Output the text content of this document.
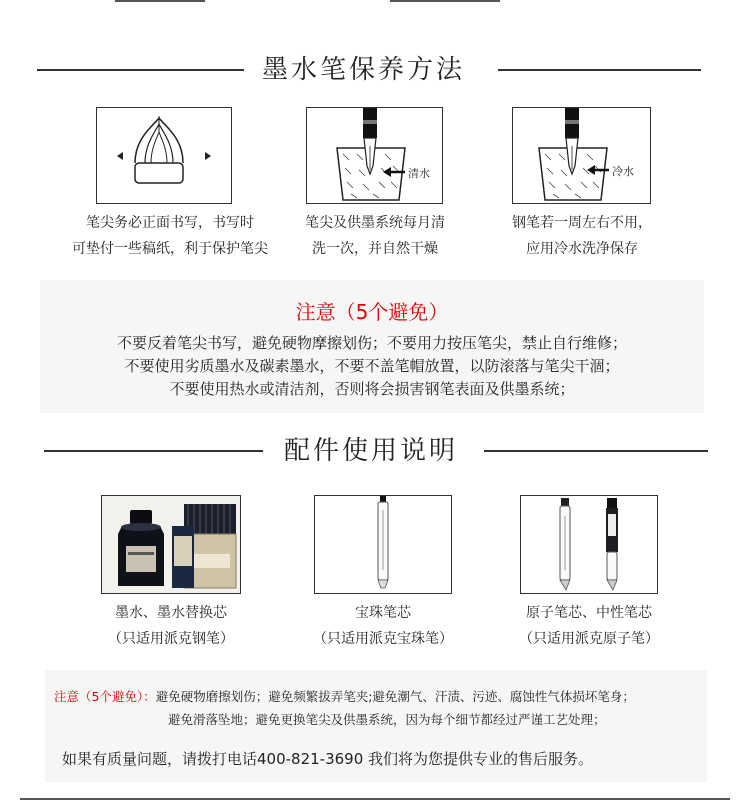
墨水笔保养方法
清水	冷水
笔尖务必正面书写，书写时
可垫付一些稿纸，利于保护笔尖
笔尖及供墨系统每月清
洗一次，并自然干燥
钢笔若一周左右不用，
应用冷水洗净保存
注意（5个避免）
不要反着笔尖书写，避免硬物摩擦划伤；不要用力按压笔尖，禁止自行维修；
不要使用劣质墨水及碳素墨水，不要不盖笔帽放置，以防滚落与笔尖干涸；
不要使用热水或清洁剂，否则将会损害钢笔表面及供墨系统；
配件使用说明
墨水、墨水替换芯
（只适用派克钢笔）
宝珠笔芯
（只适用派克宝珠笔）
原子笔芯、中性笔芯
（只适用派克原子笔）
注意（5个避免）：避免硬物磨擦划伤；避免频繁拔弄笔夹;避免潮气、汗渍、污迹、腐蚀性气体损坏笔身；
避免滑落坠地；避免更换笔尖及供墨系统，因为每个细节都经过严谨工艺处理；
如果有质量问题，请拨打电话400-821-3690 我们将为您提供专业的售后服务。
